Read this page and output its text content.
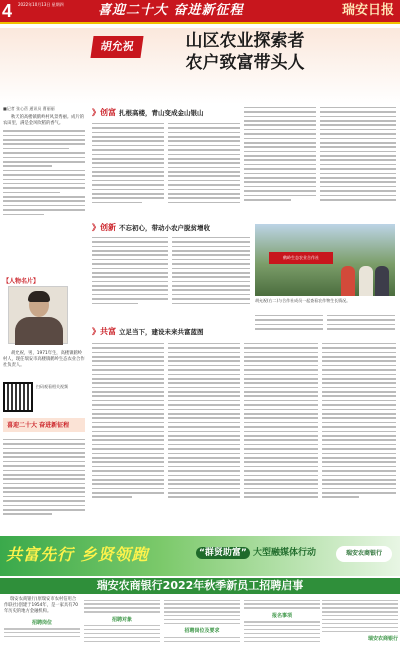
4 2022年10月13日 星期四	喜迎二十大 奋进新征程	瑞安日报
胡允祝	山区农业探索者
农户致富带头人
■记者 张心蓓 通讯员 曹丽丽
秋天的高楼镇鹤岭村风景秀丽。成片的农田里，满是金风吹稻的香气。
【人物名片】
胡允祝，男，1971年生，高楼镇鹤岭村人，现任瑞安市高楼镇鹤岭生态农业合作社负责人。
扫码观看相关视频
喜迎二十大 奋进新征程
》创富 扎根高楼，青山变成金山银山
》创新 不忘初心，带动小农户脱贫增收
》共富 立足当下，建设未来共富蓝图
鹤岭生态农业合作社
胡允祝(右二)与合作社成员一起查看农作物生长情况。
共富先行 乡贤领跑	“群贤助富” 大型融媒体行动	瑞安农商银行
瑞安农商银行2022年秋季新员工招聘启事
瑞安农商银行(原瑞安市农村信用合作联社)创建于1954年，是一家具有70年历史的地方金融机构。
招聘岗位
招聘对象
招聘岗位及要求
报名事项
瑞安农商银行
